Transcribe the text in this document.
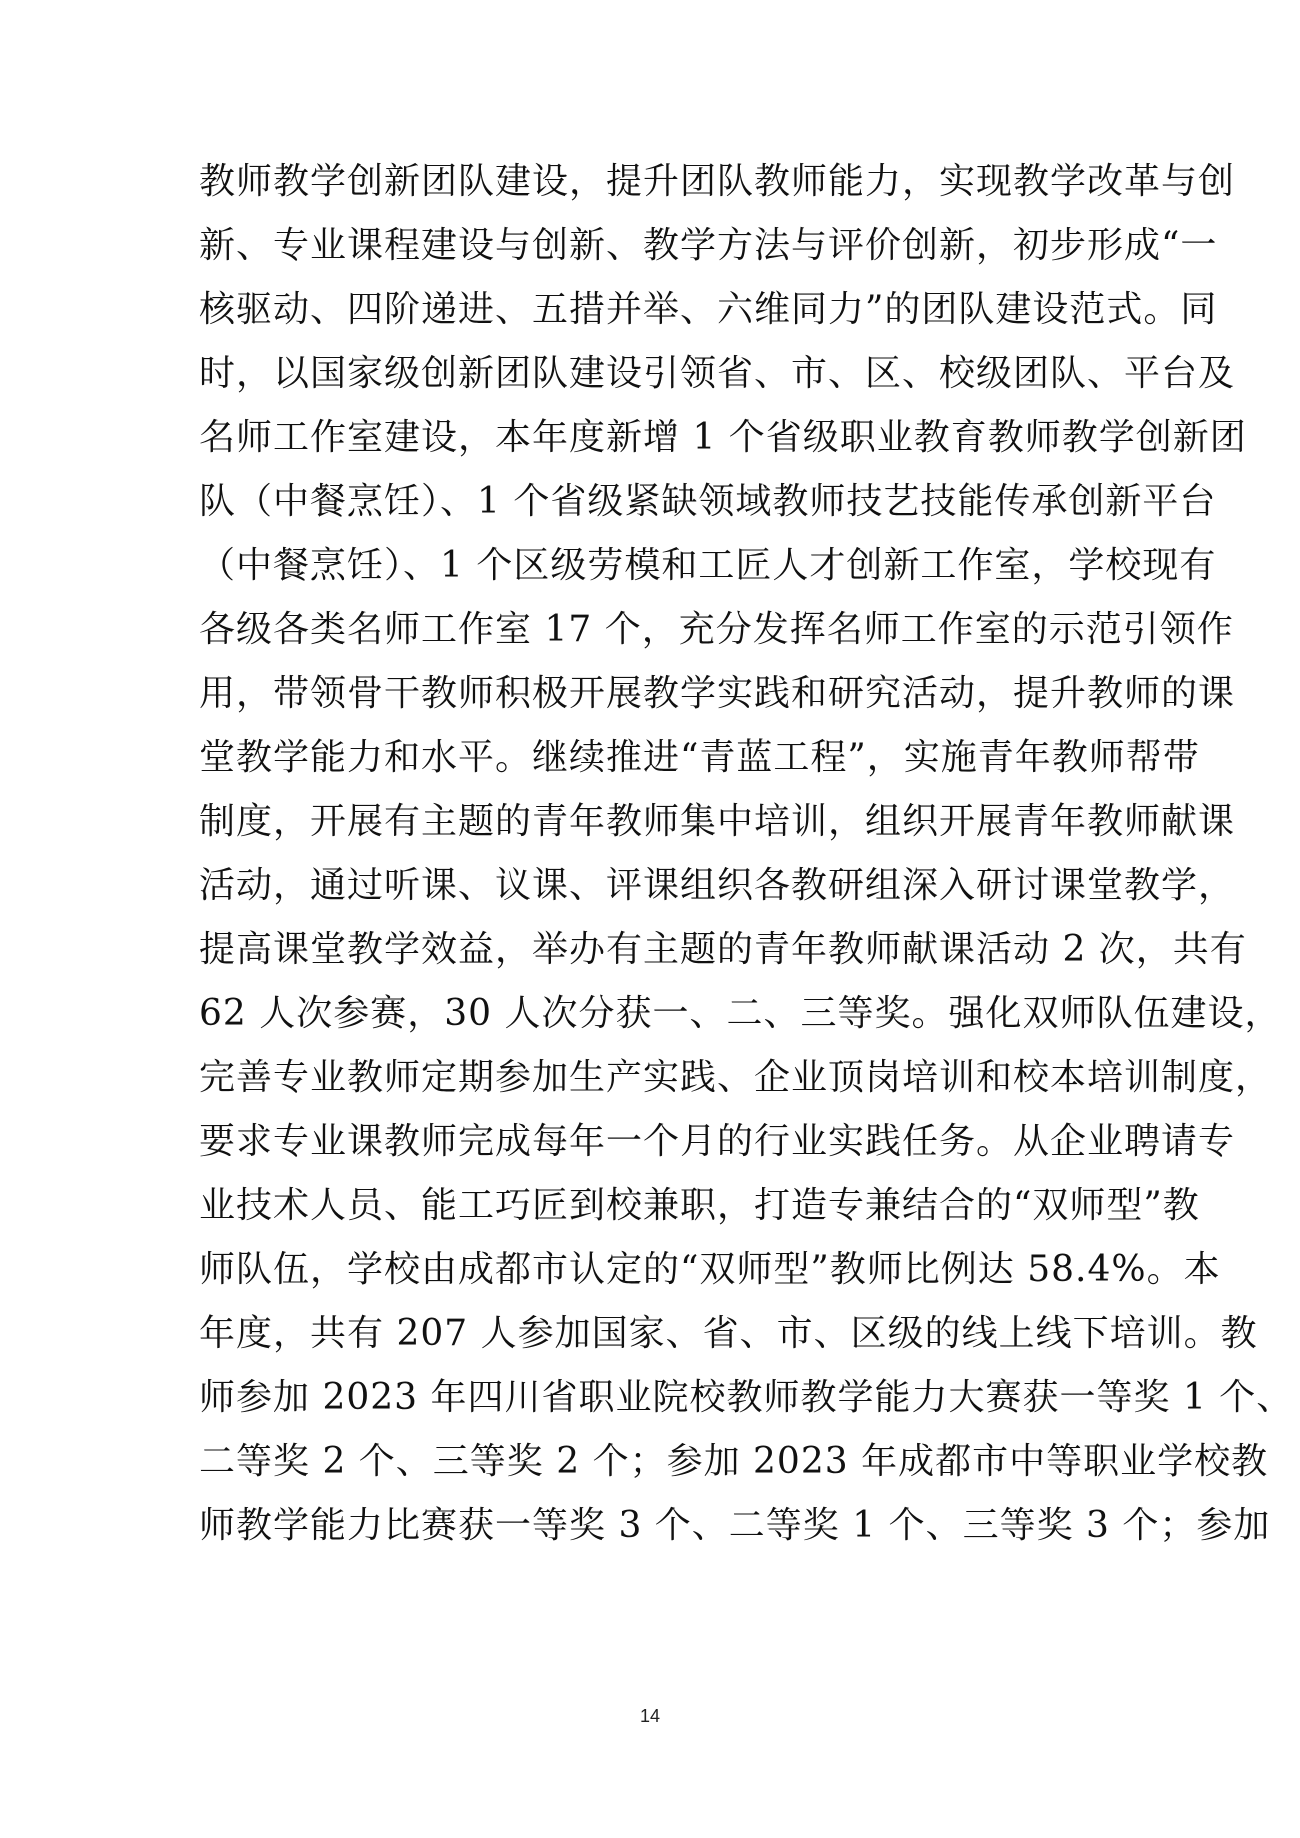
教师教学创新团队建设，提升团队教师能力，实现教学改革与创
新、专业课程建设与创新、教学方法与评价创新，初步形成“一
核驱动、四阶递进、五措并举、六维同力”的团队建设范式。同
时，以国家级创新团队建设引领省、市、区、校级团队、平台及
名师工作室建设，本年度新增 1 个省级职业教育教师教学创新团
队（中餐烹饪）、1 个省级紧缺领域教师技艺技能传承创新平台
（中餐烹饪）、1 个区级劳模和工匠人才创新工作室，学校现有
各级各类名师工作室 17 个，充分发挥名师工作室的示范引领作
用，带领骨干教师积极开展教学实践和研究活动，提升教师的课
堂教学能力和水平。继续推进“青蓝工程”，实施青年教师帮带
制度，开展有主题的青年教师集中培训，组织开展青年教师献课
活动，通过听课、议课、评课组织各教研组深入研讨课堂教学，
提高课堂教学效益，举办有主题的青年教师献课活动 2 次，共有
62 人次参赛，30 人次分获一、二、三等奖。强化双师队伍建设，
完善专业教师定期参加生产实践、企业顶岗培训和校本培训制度，
要求专业课教师完成每年一个月的行业实践任务。从企业聘请专
业技术人员、能工巧匠到校兼职，打造专兼结合的“双师型”教
师队伍，学校由成都市认定的“双师型”教师比例达 58.4%。本
年度，共有 207 人参加国家、省、市、区级的线上线下培训。教
师参加 2023 年四川省职业院校教师教学能力大赛获一等奖 1 个、
二等奖 2 个、三等奖 2 个；参加 2023 年成都市中等职业学校教
师教学能力比赛获一等奖 3 个、二等奖 1 个、三等奖 3 个；参加
14
